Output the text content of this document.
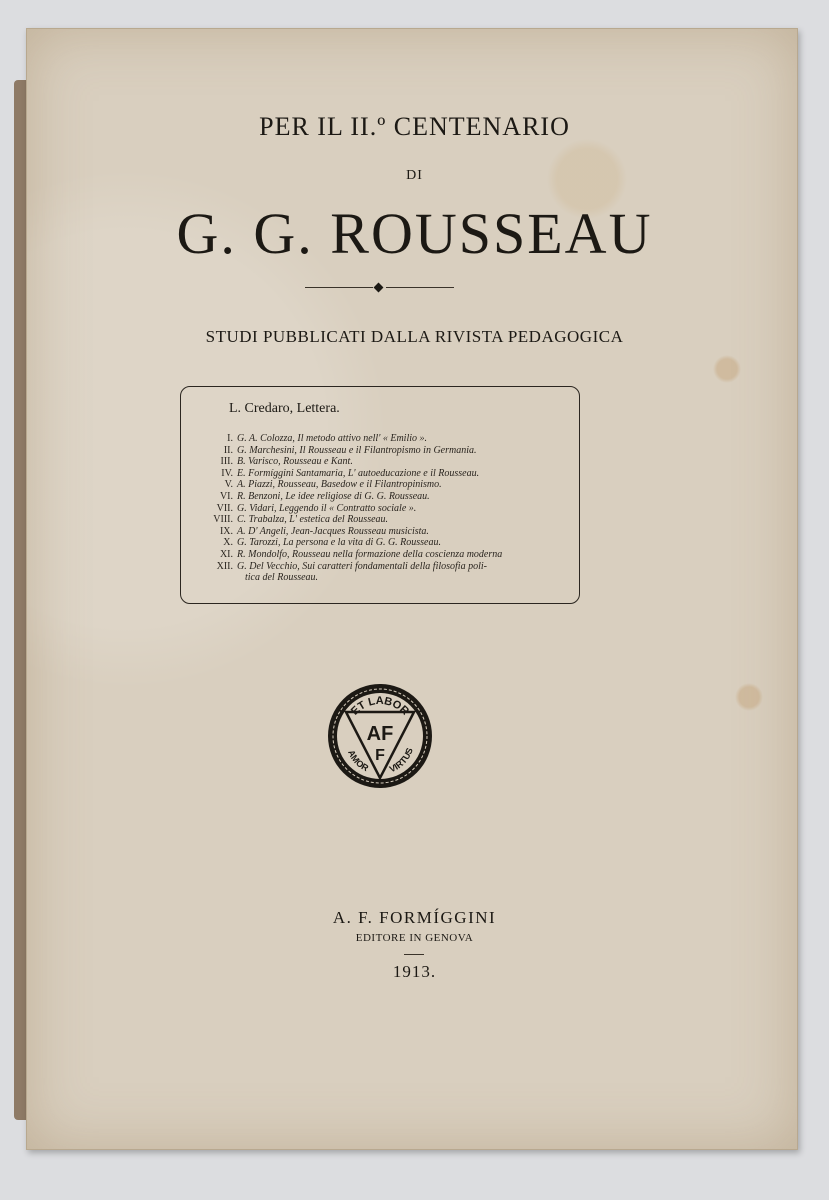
PER IL II.º CENTENARIO
DI
G. G. ROUSSEAU
STUDI PUBBLICATI DALLA RIVISTA PEDAGOGICA
L. Credaro, Lettera.
I. G. A. Colozza, Il metodo attivo nell' « Emilio ».
II. G. Marchesini, Il Rousseau e il Filantropismo in Germania.
III. B. Varisco, Rousseau e Kant.
IV. E. Formíggini Santamaria, L' autoeducazione e il Rousseau.
V. A. Piazzi, Rousseau, Basedow e il Filantropinismo.
VI. R. Benzoni, Le idee religiose di G. G. Rousseau.
VII. G. Vidari, Leggendo il « Contratto sociale ».
VIII. C. Trabalza, L' estetica del Rousseau.
IX. A. D' Angeli, Jean-Jacques Rousseau musicista.
X. G. Tarozzi, La persona e la vita di G. G. Rousseau.
XI. R. Mondolfo, Rousseau nella formazione della coscienza moderna
XII. G. Del Vecchio, Sui caratteri fondamentali della filosofia poli-
tica del Rousseau.
ET LABOR
AMOR VIRTUS
AF
F
A. F. FORMÍGGINI
EDITORE IN GENOVA
1913.
